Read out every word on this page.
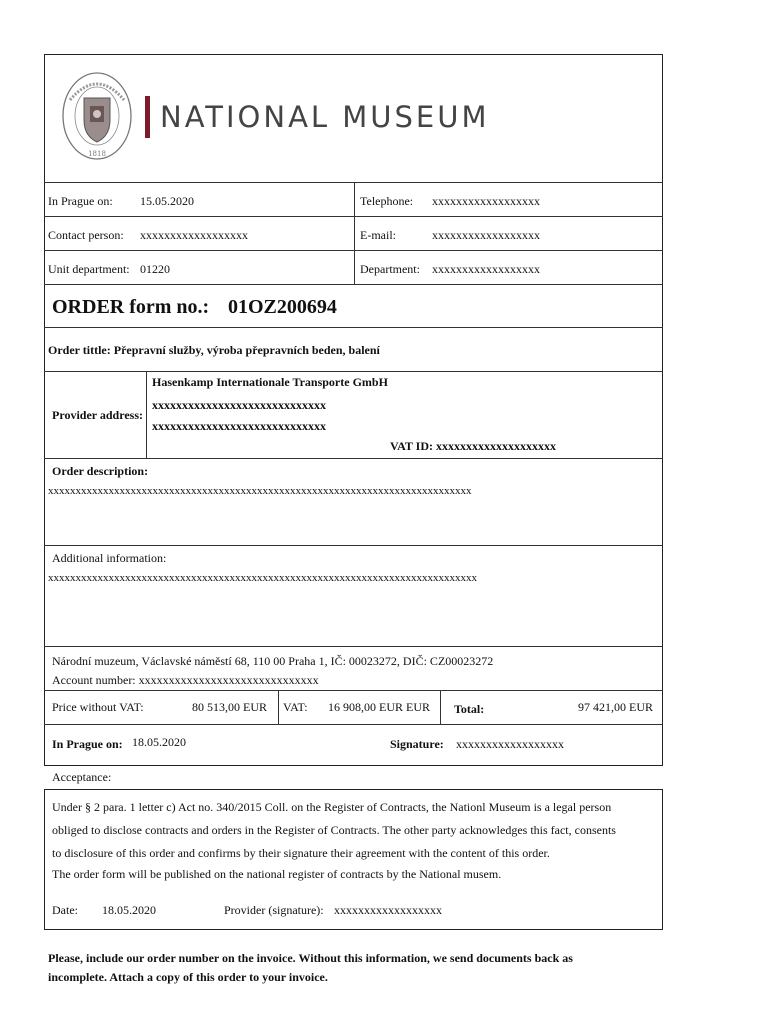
1818
NATIONAL MUSEUM
In Prague on: 15.05.2020	Telephone: xxxxxxxxxxxxxxxxxx
Contact person: xxxxxxxxxxxxxxxxxx	E-mail:	xxxxxxxxxxxxxxxxxx
Unit department: 01220	Department: xxxxxxxxxxxxxxxxxx
ORDER form no.: 01OZ200694
Order tittle: Přepravní služby, výroba přepravních beden, balení
Provider address:
Hasenkamp Internationale Transporte GmbH
xxxxxxxxxxxxxxxxxxxxxxxxxxxxx
xxxxxxxxxxxxxxxxxxxxxxxxxxxxx
VAT ID: xxxxxxxxxxxxxxxxxxxx
Order description:
xxxxxxxxxxxxxxxxxxxxxxxxxxxxxxxxxxxxxxxxxxxxxxxxxxxxxxxxxxxxxxxxxxxxxxxxxxxxx
Additional information:
xxxxxxxxxxxxxxxxxxxxxxxxxxxxxxxxxxxxxxxxxxxxxxxxxxxxxxxxxxxxxxxxxxxxxxxxxxxxxx
Národní muzeum, Václavské náměstí 68, 110 00 Praha 1, IČ: 00023272, DIČ: CZ00023272
Account number: xxxxxxxxxxxxxxxxxxxxxxxxxxxxxx
Price without VAT:	80 513,00 EUR VAT: 16 908,00 EUR EUR Total:	97 421,00 EUR
In Prague on: 18.05.2020	Signature: xxxxxxxxxxxxxxxxxx
Acceptance:
Under § 2 para. 1 letter c) Act no. 340/2015 Coll. on the Register of Contracts, the Nationl Museum is a legal person
obliged to disclose contracts and orders in the Register of Contracts. The other party acknowledges this fact, consents
to disclosure of this order and confirms by their signature their agreement with the content of this order.
The order form will be published on the national register of contracts by the National musem.
Date: 18.05.2020	Provider (signature): xxxxxxxxxxxxxxxxxx
Please, include our order number on the invoice. Without this information, we send documents back as
incomplete. Attach a copy of this order to your invoice.
